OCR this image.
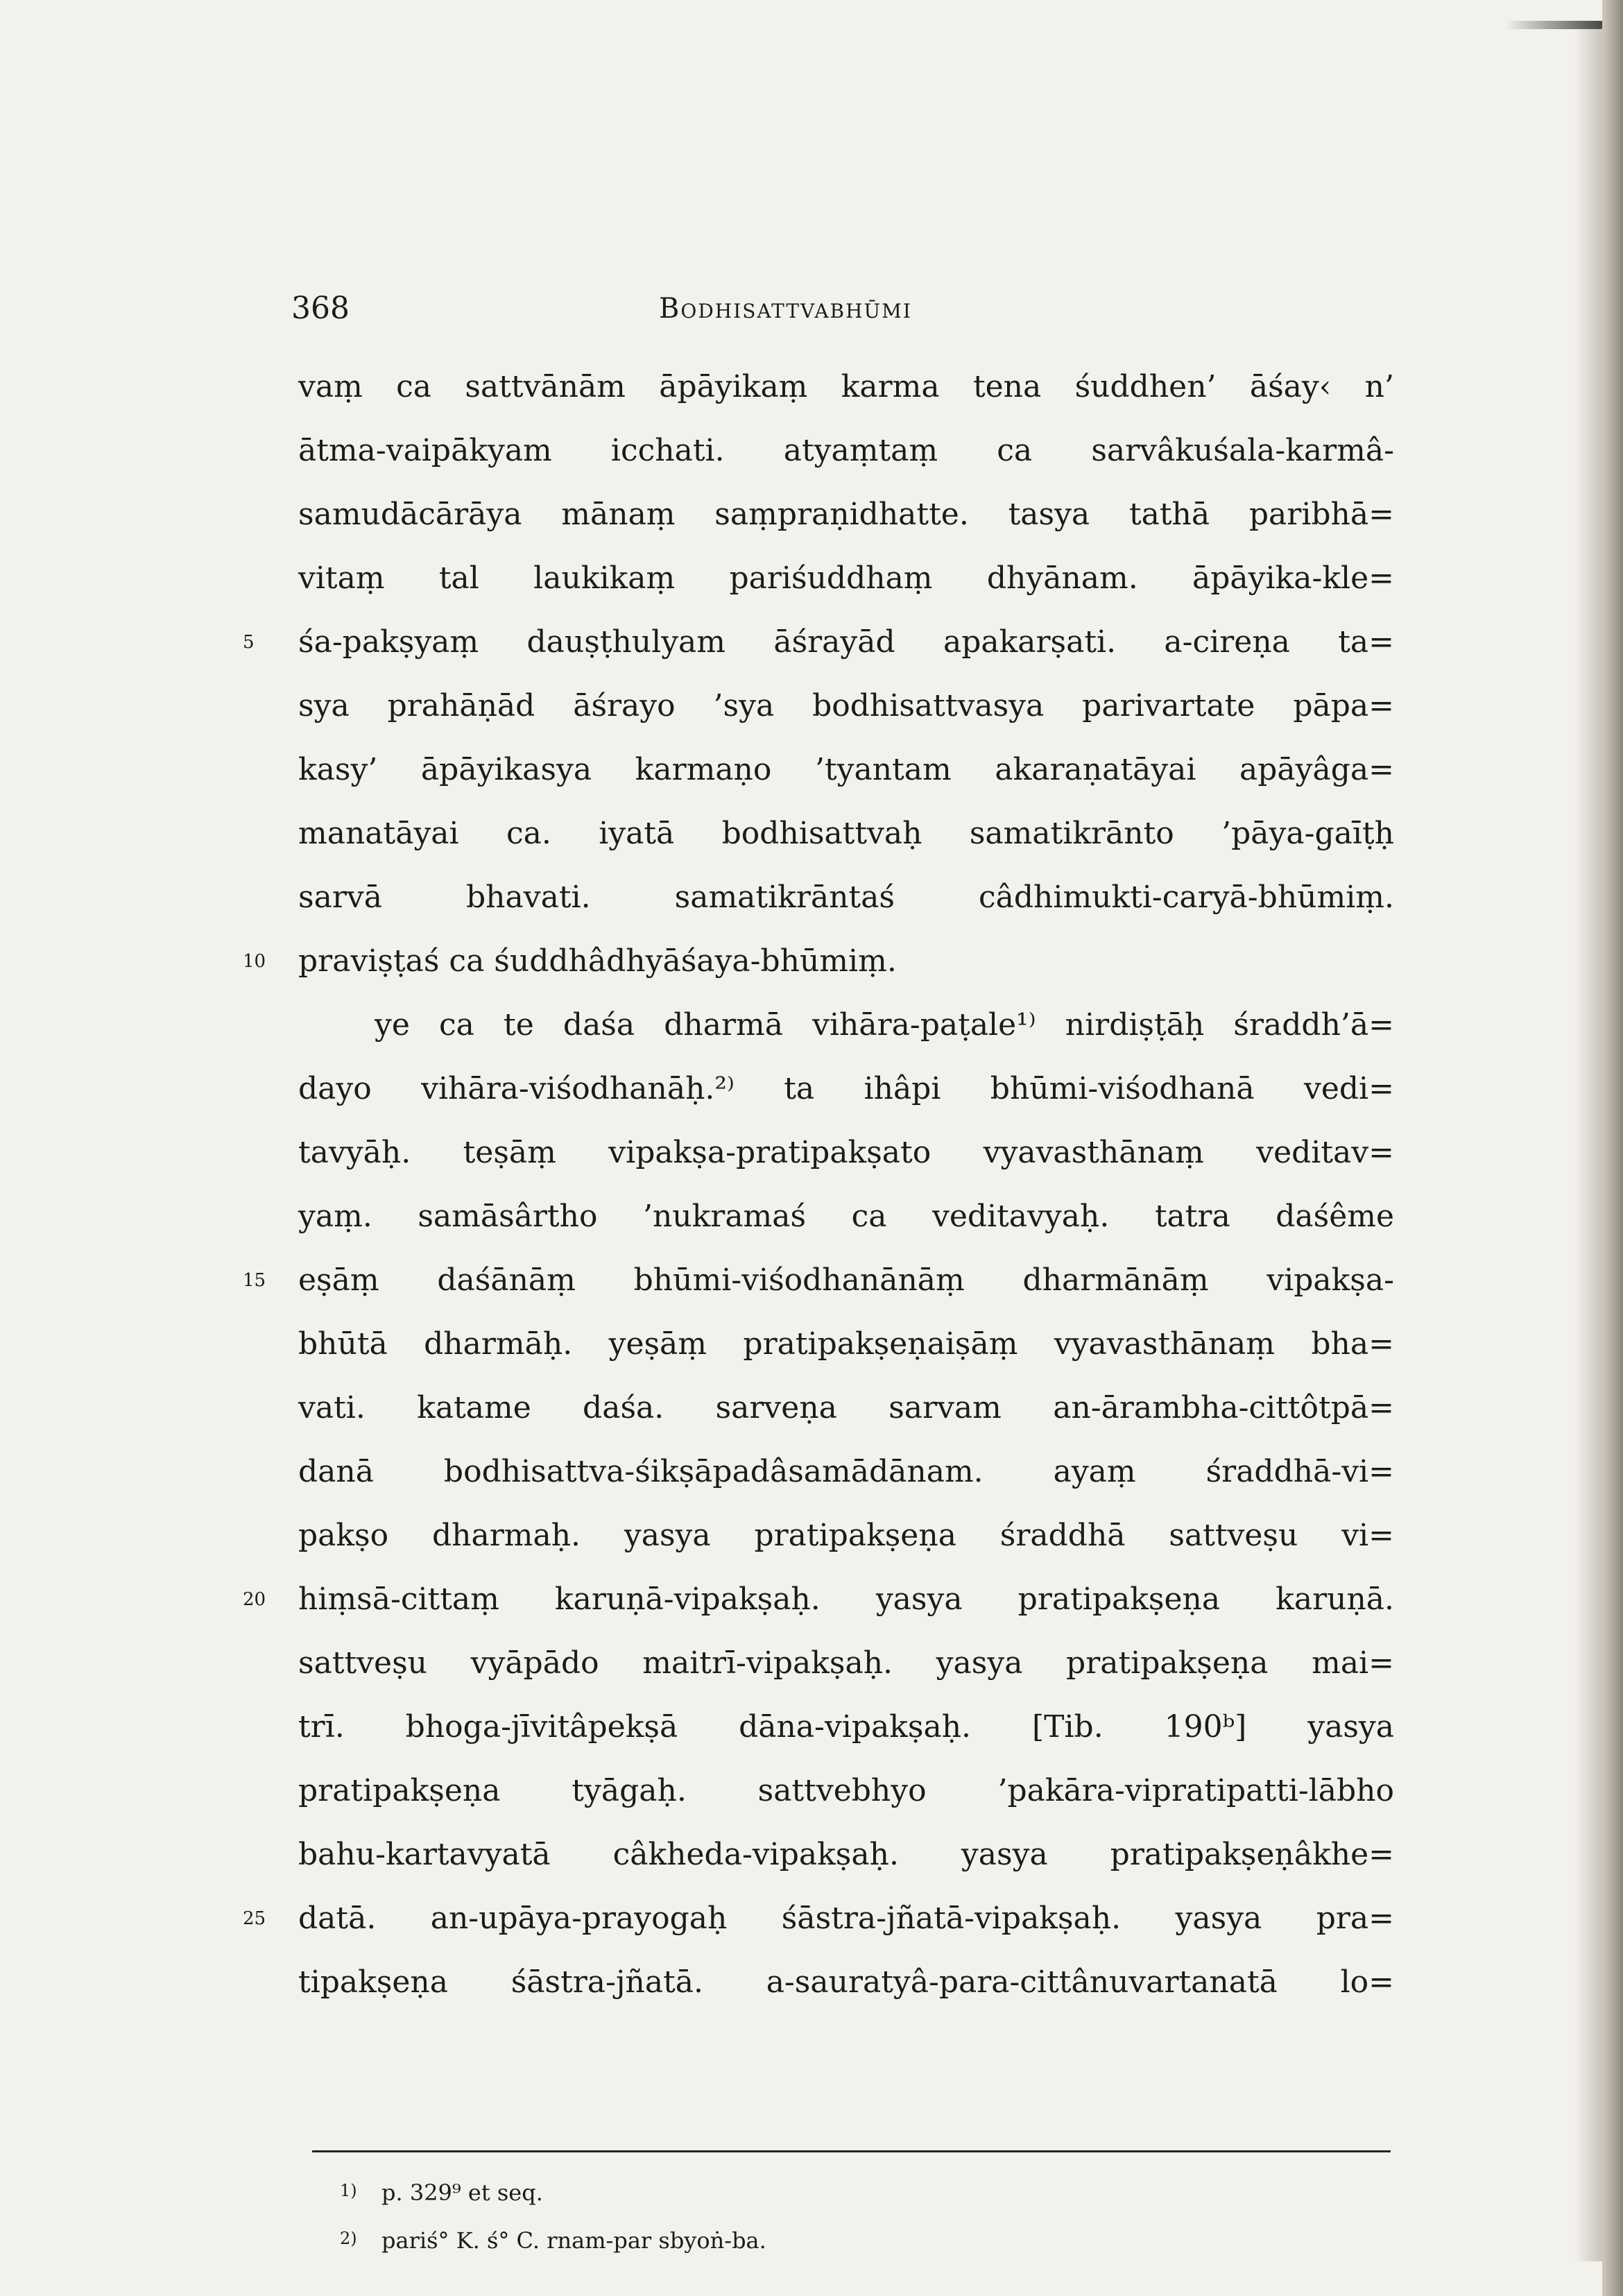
368	Bodhisattvabhūmi
5
10
15
20
25
vaṃ ca sattvānām āpāyikaṃ karma tena śuddhen’ āśay‹ n’
ātma-vaipākyam icchati. atyaṃtaṃ ca sarvâkuśala-karmâ-
samudācārāya mānaṃ saṃpraṇidhatte. tasya tathā paribhā=
vitaṃ tal laukikaṃ pariśuddhaṃ dhyānam. āpāyika-kle=
śa-pakṣyaṃ dauṣṭhulyam āśrayād apakarṣati. a-cireṇa ta=
sya prahāṇād āśrayo ’sya bodhisattvasya parivartate pāpa=
kasy’ āpāyikasya karmaṇo ’tyantam akaraṇatāyai apāyâga=
manatāyai ca. iyatā bodhisattvaḥ samatikrānto ’pāya-gaīṭḥ
sarvā bhavati. samatikrāntaś câdhimukti-caryā-bhūmiṃ.
praviṣṭaś ca śuddhâdhyāśaya-bhūmiṃ.
ye ca te daśa dharmā vihāra-paṭale¹⁾ nirdiṣṭāḥ śraddh’ā=
dayo vihāra-viśodhanāḥ.²⁾ ta ihâpi bhūmi-viśodhanā vedi=
tavyāḥ. teṣāṃ vipakṣa-pratipakṣato vyavasthānaṃ veditav=
yaṃ. samāsârtho ’nukramaś ca veditavyaḥ. tatra daśême
eṣāṃ daśānāṃ bhūmi-viśodhanānāṃ dharmānāṃ vipakṣa-
bhūtā dharmāḥ. yeṣāṃ pratipakṣeṇaiṣāṃ vyavasthānaṃ bha=
vati. katame daśa. sarveṇa sarvam an-ārambha-cittôtpā=
danā bodhisattva-śikṣāpadâsamādānam. ayaṃ śraddhā-vi=
pakṣo dharmaḥ. yasya pratipakṣeṇa śraddhā sattveṣu vi=
hiṃsā-cittaṃ karuṇā-vipakṣaḥ. yasya pratipakṣeṇa karuṇā.
sattveṣu vyāpādo maitrī-vipakṣaḥ. yasya pratipakṣeṇa mai=
trī. bhoga-jīvitâpekṣā dāna-vipakṣaḥ. [Tib. 190ᵇ] yasya
pratipakṣeṇa tyāgaḥ. sattvebhyo ’pakāra-vipratipatti-lābho
bahu-kartavyatā câkheda-vipakṣaḥ. yasya pratipakṣeṇâkhe=
datā. an-upāya-prayogaḥ śāstra-jñatā-vipakṣaḥ. yasya pra=
tipakṣeṇa śāstra-jñatā. a-sauratyâ-para-cittânuvartanatā lo=
1) p. 329⁹ et seq.
2) pariś° K. ś° C. rnam-par sbyoṅ-ba.
